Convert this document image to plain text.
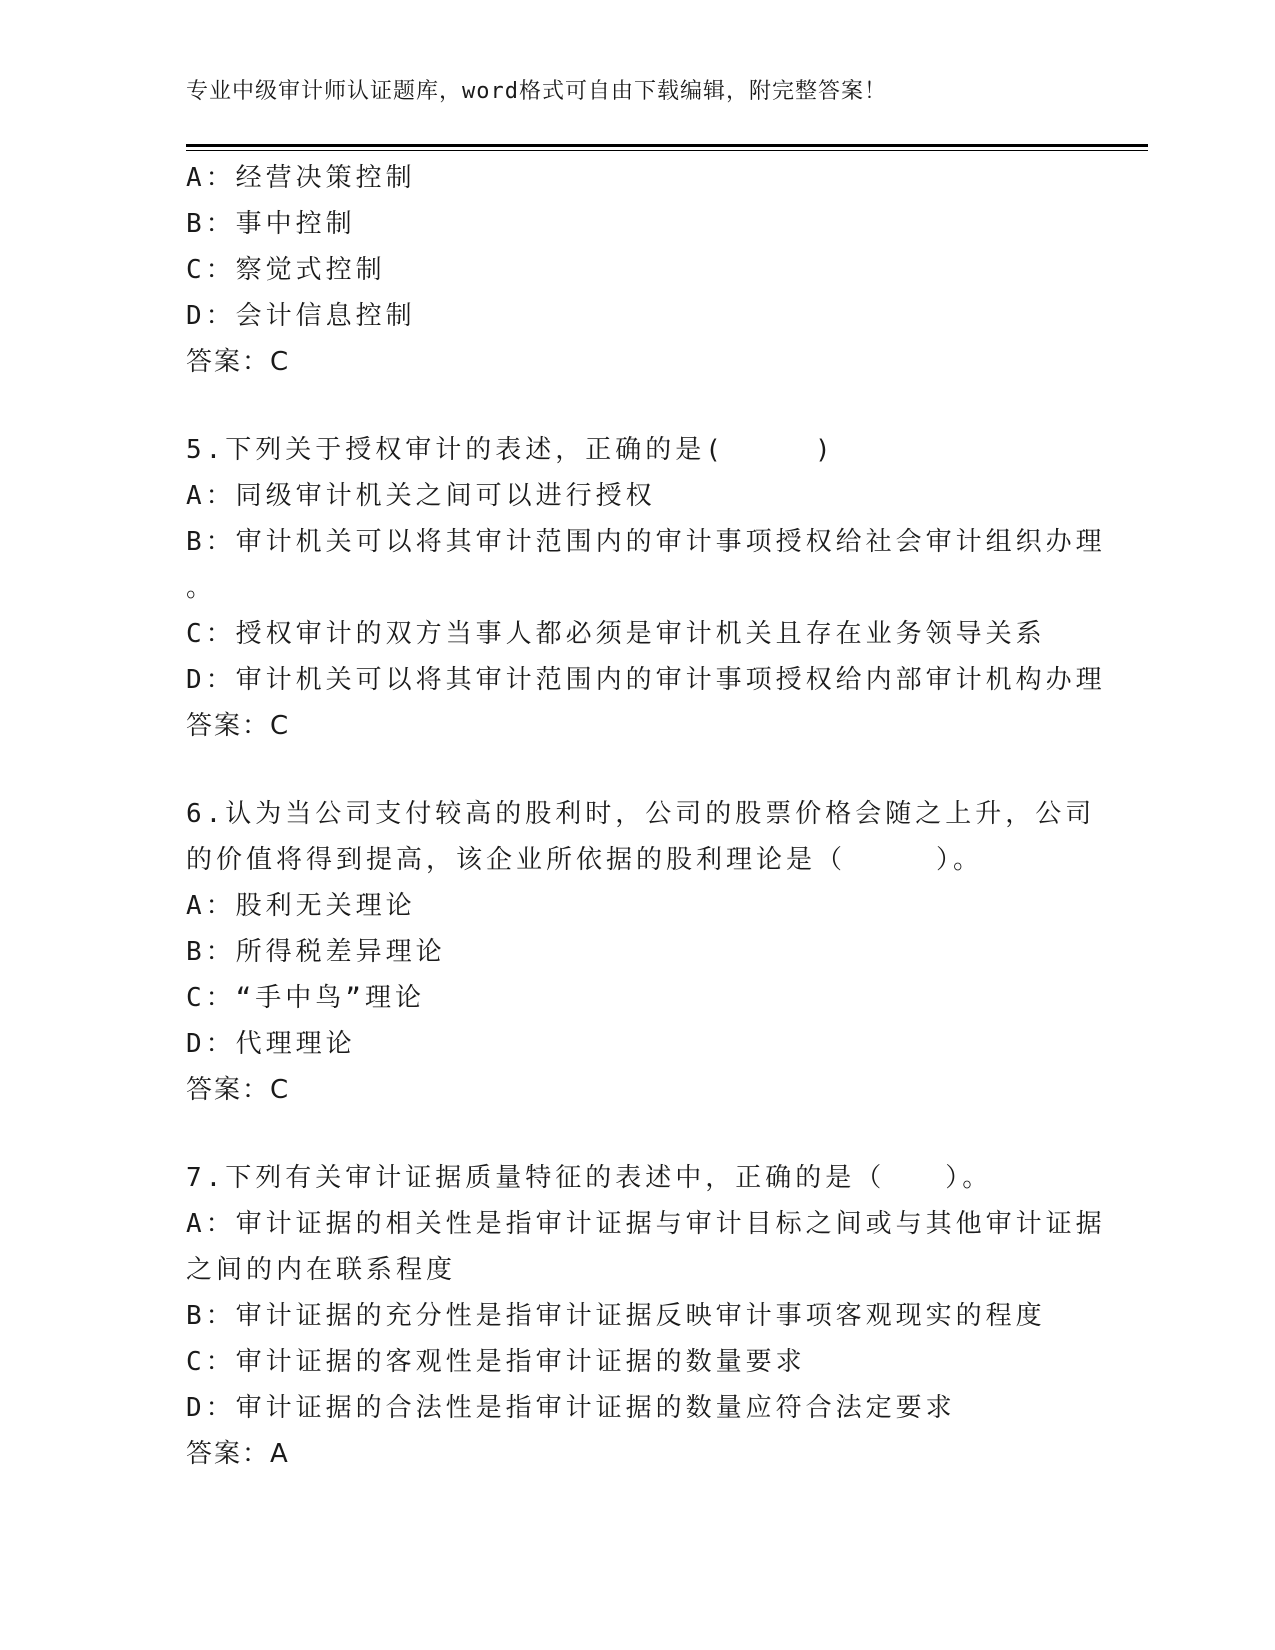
专业中级审计师认证题库，word格式可自由下载编辑，附完整答案！
A：经营决策控制
B：事中控制
C：察觉式控制
D：会计信息控制
答案：C
5.下列关于授权审计的表述，正确的是(　　　)
A：同级审计机关之间可以进行授权
B：审计机关可以将其审计范围内的审计事项授权给社会审计组织办理
。
C：授权审计的双方当事人都必须是审计机关且存在业务领导关系
D：审计机关可以将其审计范围内的审计事项授权给内部审计机构办理
答案：C
6.认为当公司支付较高的股利时，公司的股票价格会随之上升，公司
的价值将得到提高，该企业所依据的股利理论是（　　　）。
A：股利无关理论
B：所得税差异理论
C：“手中鸟”理论
D：代理理论
答案：C
7.下列有关审计证据质量特征的表述中，正确的是（　　）。
A：审计证据的相关性是指审计证据与审计目标之间或与其他审计证据
之间的内在联系程度
B：审计证据的充分性是指审计证据反映审计事项客观现实的程度
C：审计证据的客观性是指审计证据的数量要求
D：审计证据的合法性是指审计证据的数量应符合法定要求
答案：A
